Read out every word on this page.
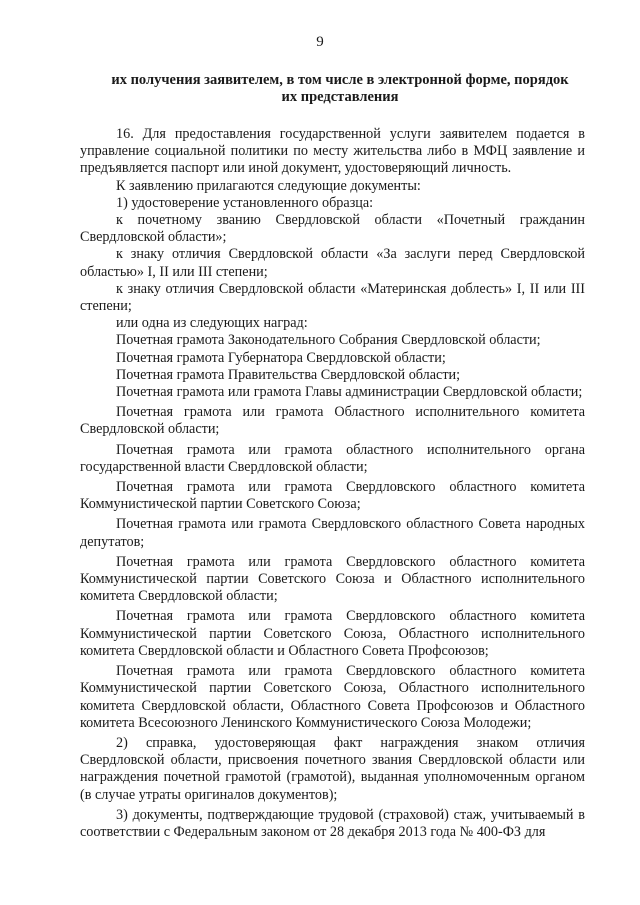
9
их получения заявителем, в том числе в электронной форме, порядок
их представления

16. Для предоставления государственной услуги заявителем подается в управление социальной политики по месту жительства либо в МФЦ заявление и предъявляется паспорт или иной документ, удостоверяющий личность.

К заявлению прилагаются следующие документы:

1) удостоверение установленного образца:

к почетному званию Свердловской области «Почетный гражданин Свердловской области»;

к знаку отличия Свердловской области «За заслуги перед Свердловской областью» I, II или III степени;

к знаку отличия Свердловской области «Материнская доблесть» I, II или III степени;

или одна из следующих наград:

Почетная грамота Законодательного Собрания Свердловской области;

Почетная грамота Губернатора Свердловской области;

Почетная грамота Правительства Свердловской области;

Почетная грамота или грамота Главы администрации Свердловской области;

Почетная грамота или грамота Областного исполнительного комитета Свердловской области;

Почетная грамота или грамота областного исполнительного органа государственной власти Свердловской области;

Почетная грамота или грамота Свердловского областного комитета Коммунистической партии Советского Союза;

Почетная грамота или грамота Свердловского областного Совета народных депутатов;

Почетная грамота или грамота Свердловского областного комитета Коммунистической партии Советского Союза и Областного исполнительного комитета Свердловской области;

Почетная грамота или грамота Свердловского областного комитета Коммунистической партии Советского Союза, Областного исполнительного комитета Свердловской области и Областного Совета Профсоюзов;

Почетная грамота или грамота Свердловского областного комитета Коммунистической партии Советского Союза, Областного исполнительного комитета Свердловской области, Областного Совета Профсоюзов и Областного комитета Всесоюзного Ленинского Коммунистического Союза Молодежи;

2) справка, удостоверяющая факт награждения знаком отличия Свердловской области, присвоения почетного звания Свердловской области или награждения почетной грамотой (грамотой), выданная уполномоченным органом (в случае утраты оригиналов документов);

3) документы, подтверждающие трудовой (страховой) стаж, учитываемый в соответствии с Федеральным законом от 28 декабря 2013 года № 400-ФЗ для
